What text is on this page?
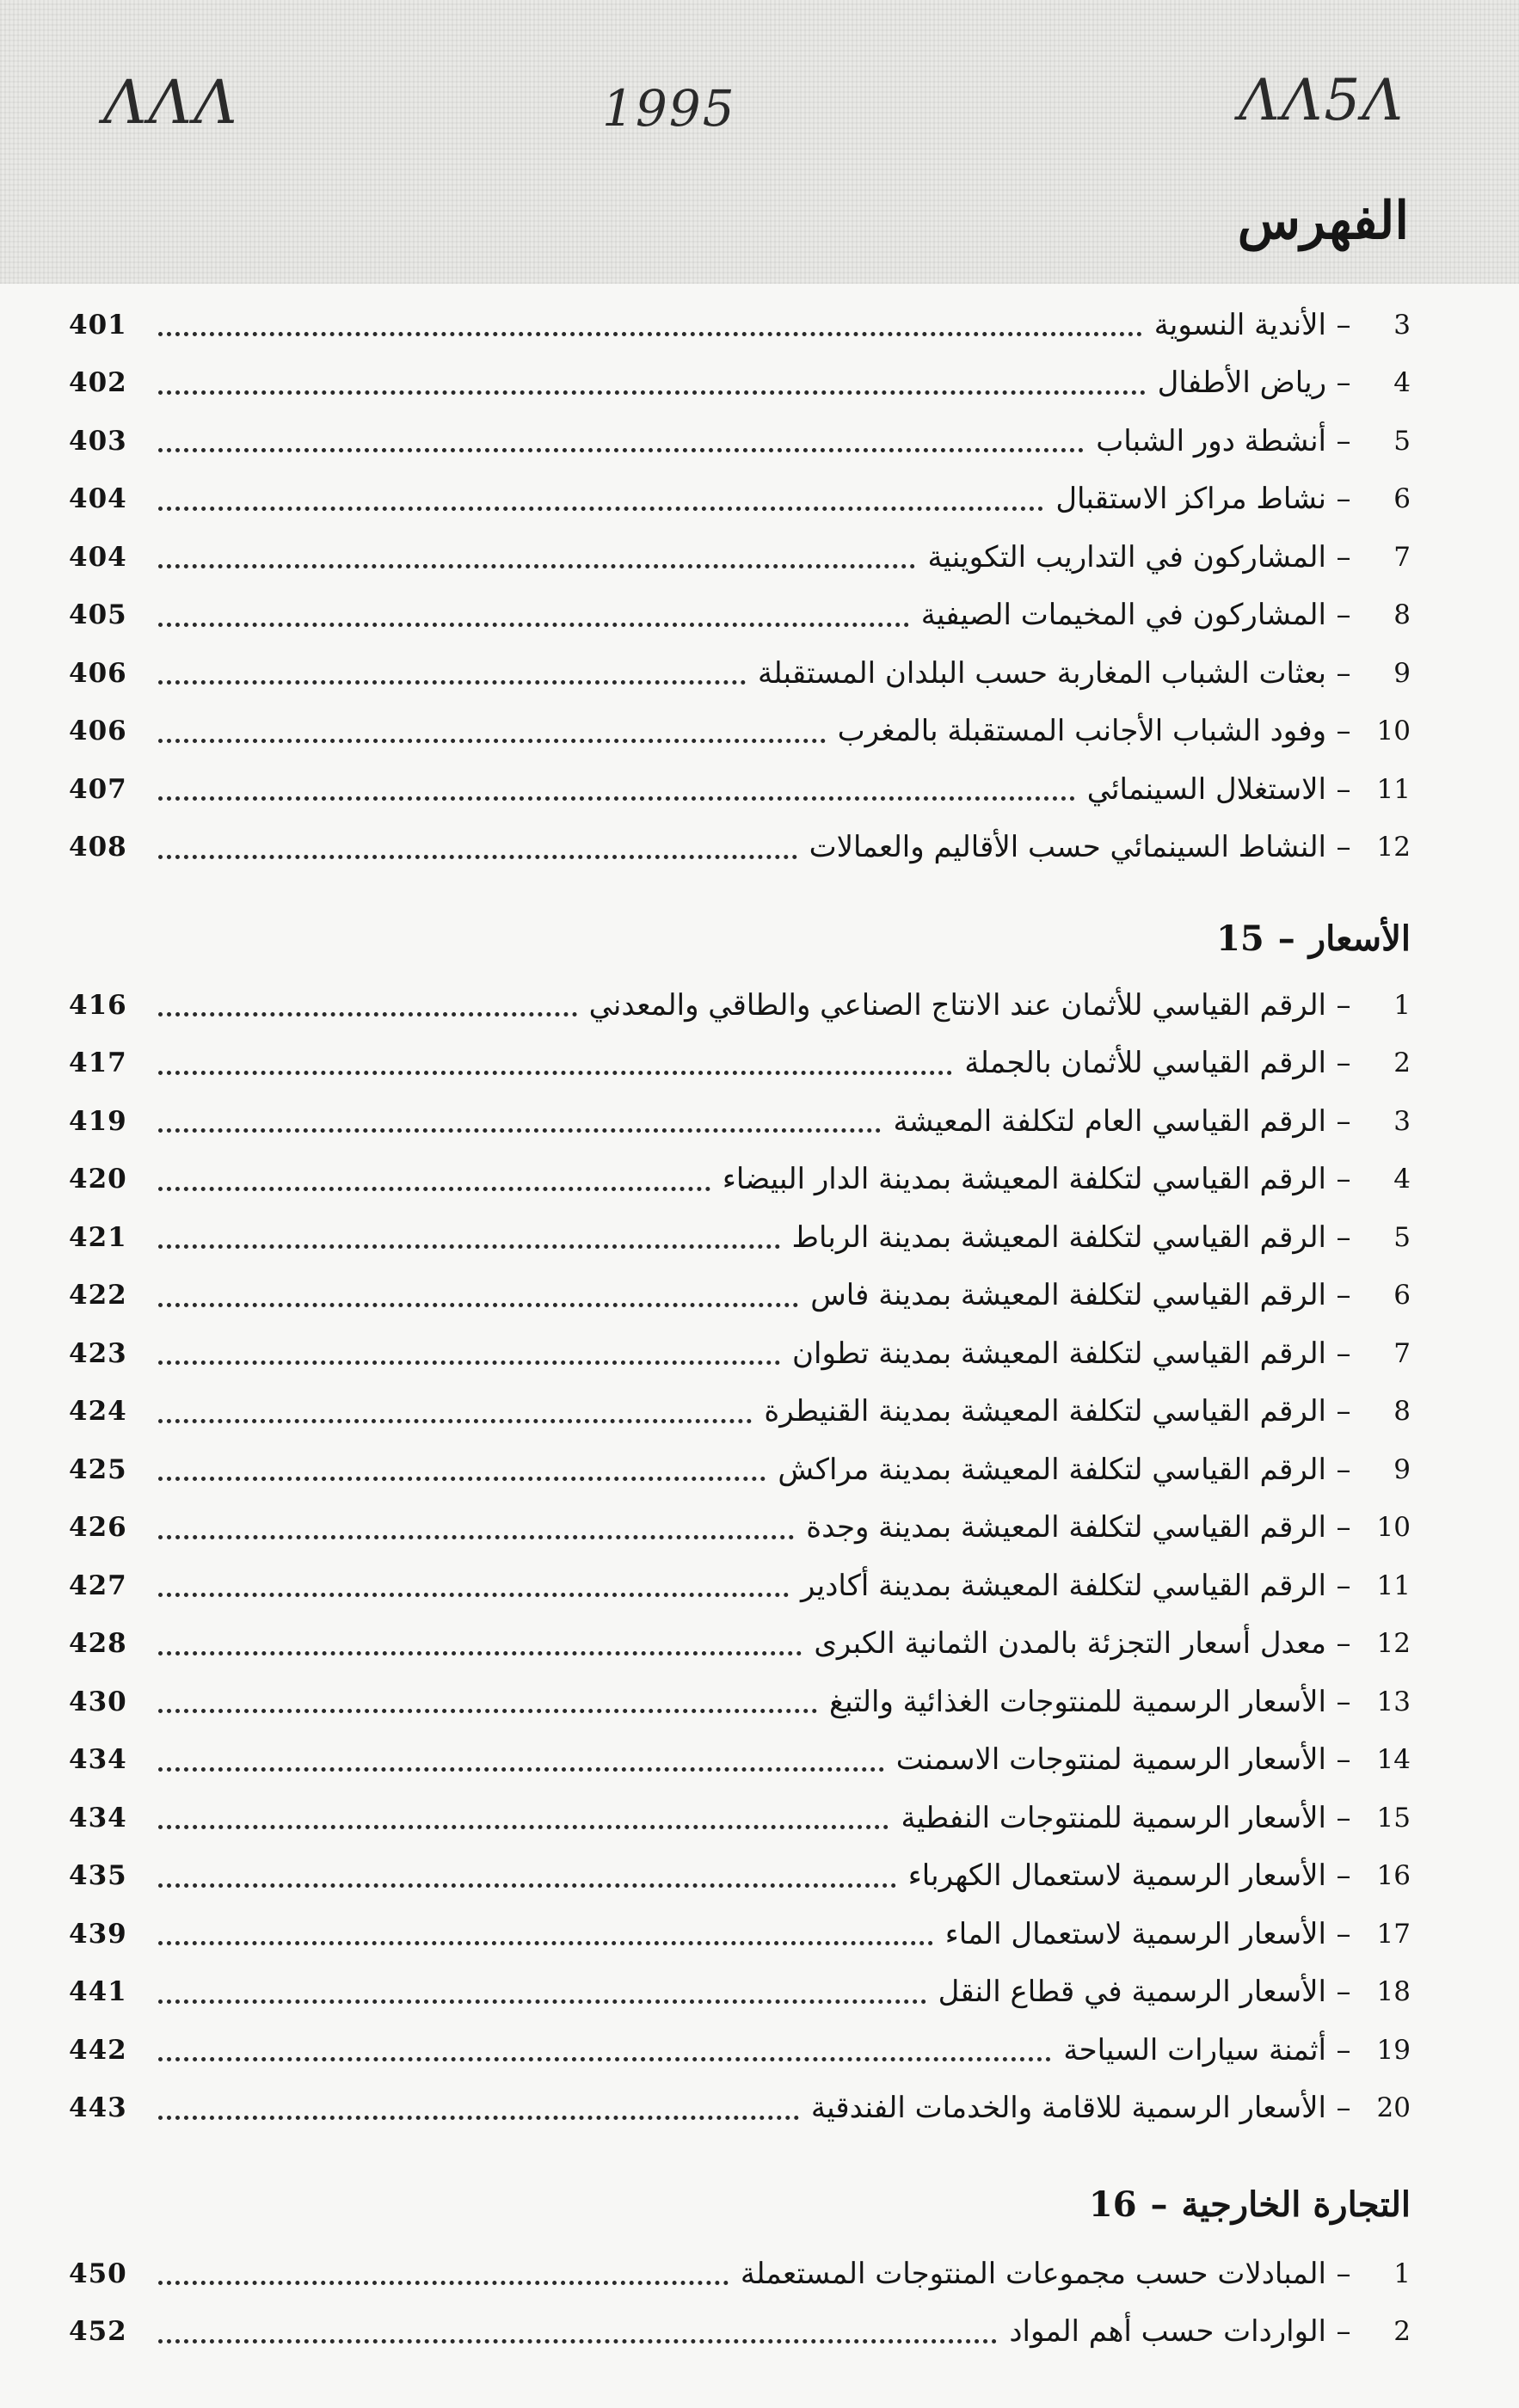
ɅΛΛ	1995	ΛΛ5Λ
الفهرس
3
–
الأندية النسوية
401
4
–
رياض الأطفال
402
5
–
أنشطة دور الشباب
403
6
–
نشاط مراكز الاستقبال
404
7
–
المشاركون في التداريب التكوينية
404
8
–
المشاركون في المخيمات الصيفية
405
9
–
بعثات الشباب المغاربة حسب البلدان المستقبلة
406
10
–
وفود الشباب الأجانب المستقبلة بالمغرب
406
11
–
الاستغلال السينمائي
407
12
–
النشاط السينمائي حسب الأقاليم والعمالات
408
15 – الأسعار
1
–
الرقم القياسي للأثمان عند الانتاج الصناعي والطاقي والمعدني
416
2
–
الرقم القياسي للأثمان بالجملة
417
3
–
الرقم القياسي العام لتكلفة المعيشة
419
4
–
الرقم القياسي لتكلفة المعيشة بمدينة الدار البيضاء
420
5
–
الرقم القياسي لتكلفة المعيشة بمدينة الرباط
421
6
–
الرقم القياسي لتكلفة المعيشة بمدينة فاس
422
7
–
الرقم القياسي لتكلفة المعيشة بمدينة تطوان
423
8
–
الرقم القياسي لتكلفة المعيشة بمدينة القنيطرة
424
9
–
الرقم القياسي لتكلفة المعيشة بمدينة مراكش
425
10
–
الرقم القياسي لتكلفة المعيشة بمدينة وجدة
426
11
–
الرقم القياسي لتكلفة المعيشة بمدينة أكادير
427
12
–
معدل أسعار التجزئة بالمدن الثمانية الكبرى
428
13
–
الأسعار الرسمية للمنتوجات الغذائية والتبغ
430
14
–
الأسعار الرسمية لمنتوجات الاسمنت
434
15
–
الأسعار الرسمية للمنتوجات النفطية
434
16
–
الأسعار الرسمية لاستعمال الكهرباء
435
17
–
الأسعار الرسمية لاستعمال الماء
439
18
–
الأسعار الرسمية في قطاع النقل
441
19
–
أثمنة سيارات السياحة
442
20
–
الأسعار الرسمية للاقامة والخدمات الفندقية
443
16 – التجارة الخارجية
1
–
المبادلات حسب مجموعات المنتوجات المستعملة
450
2
–
الواردات حسب أهم المواد
452
